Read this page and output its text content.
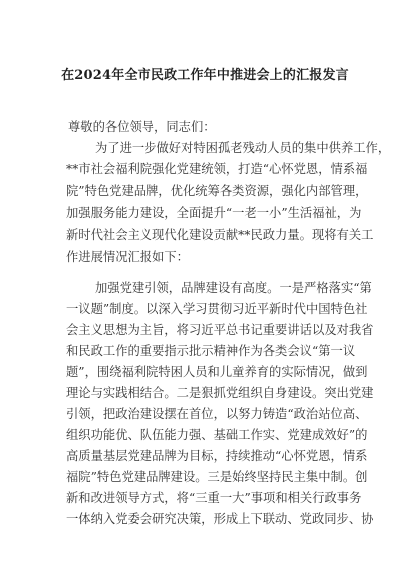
在2024年全市民政工作年中推进会上的汇报发言
尊敬的各位领导，同志们：
为了进一步做好对特困孤老残动人员的集中供养工作，
**市社会福利院强化党建统领，打造“心怀党恩，情系福
院”特色党建品牌，优化统筹各类资源，强化内部管理，
加强服务能力建设，全面提升“一老一小”生活福祉，为
新时代社会主义现代化建设贡献**民政力量。现将有关工
作进展情况汇报如下：
加强党建引领，品牌建设有高度。一是严格落实“第
一议题”制度。以深入学习贯彻习近平新时代中国特色社
会主义思想为主旨，将习近平总书记重要讲话以及对我省
和民政工作的重要指示批示精神作为各类会议“第一议
题”，围绕福利院特困人员和儿童养育的实际情况，做到
理论与实践相结合。二是狠抓党组织自身建设。突出党建
引领，把政治建设摆在首位，以努力铸造“政治站位高、
组织功能优、队伍能力强、基础工作实、党建成效好”的
高质量基层党建品牌为目标，持续推动“心怀党恩，情系
福院”特色党建品牌建设。三是始终坚持民主集中制。创
新和改进领导方式，将“三重一大”事项和相关行政事务
一体纳入党委会研究决策，形成上下联动、党政同步、协
